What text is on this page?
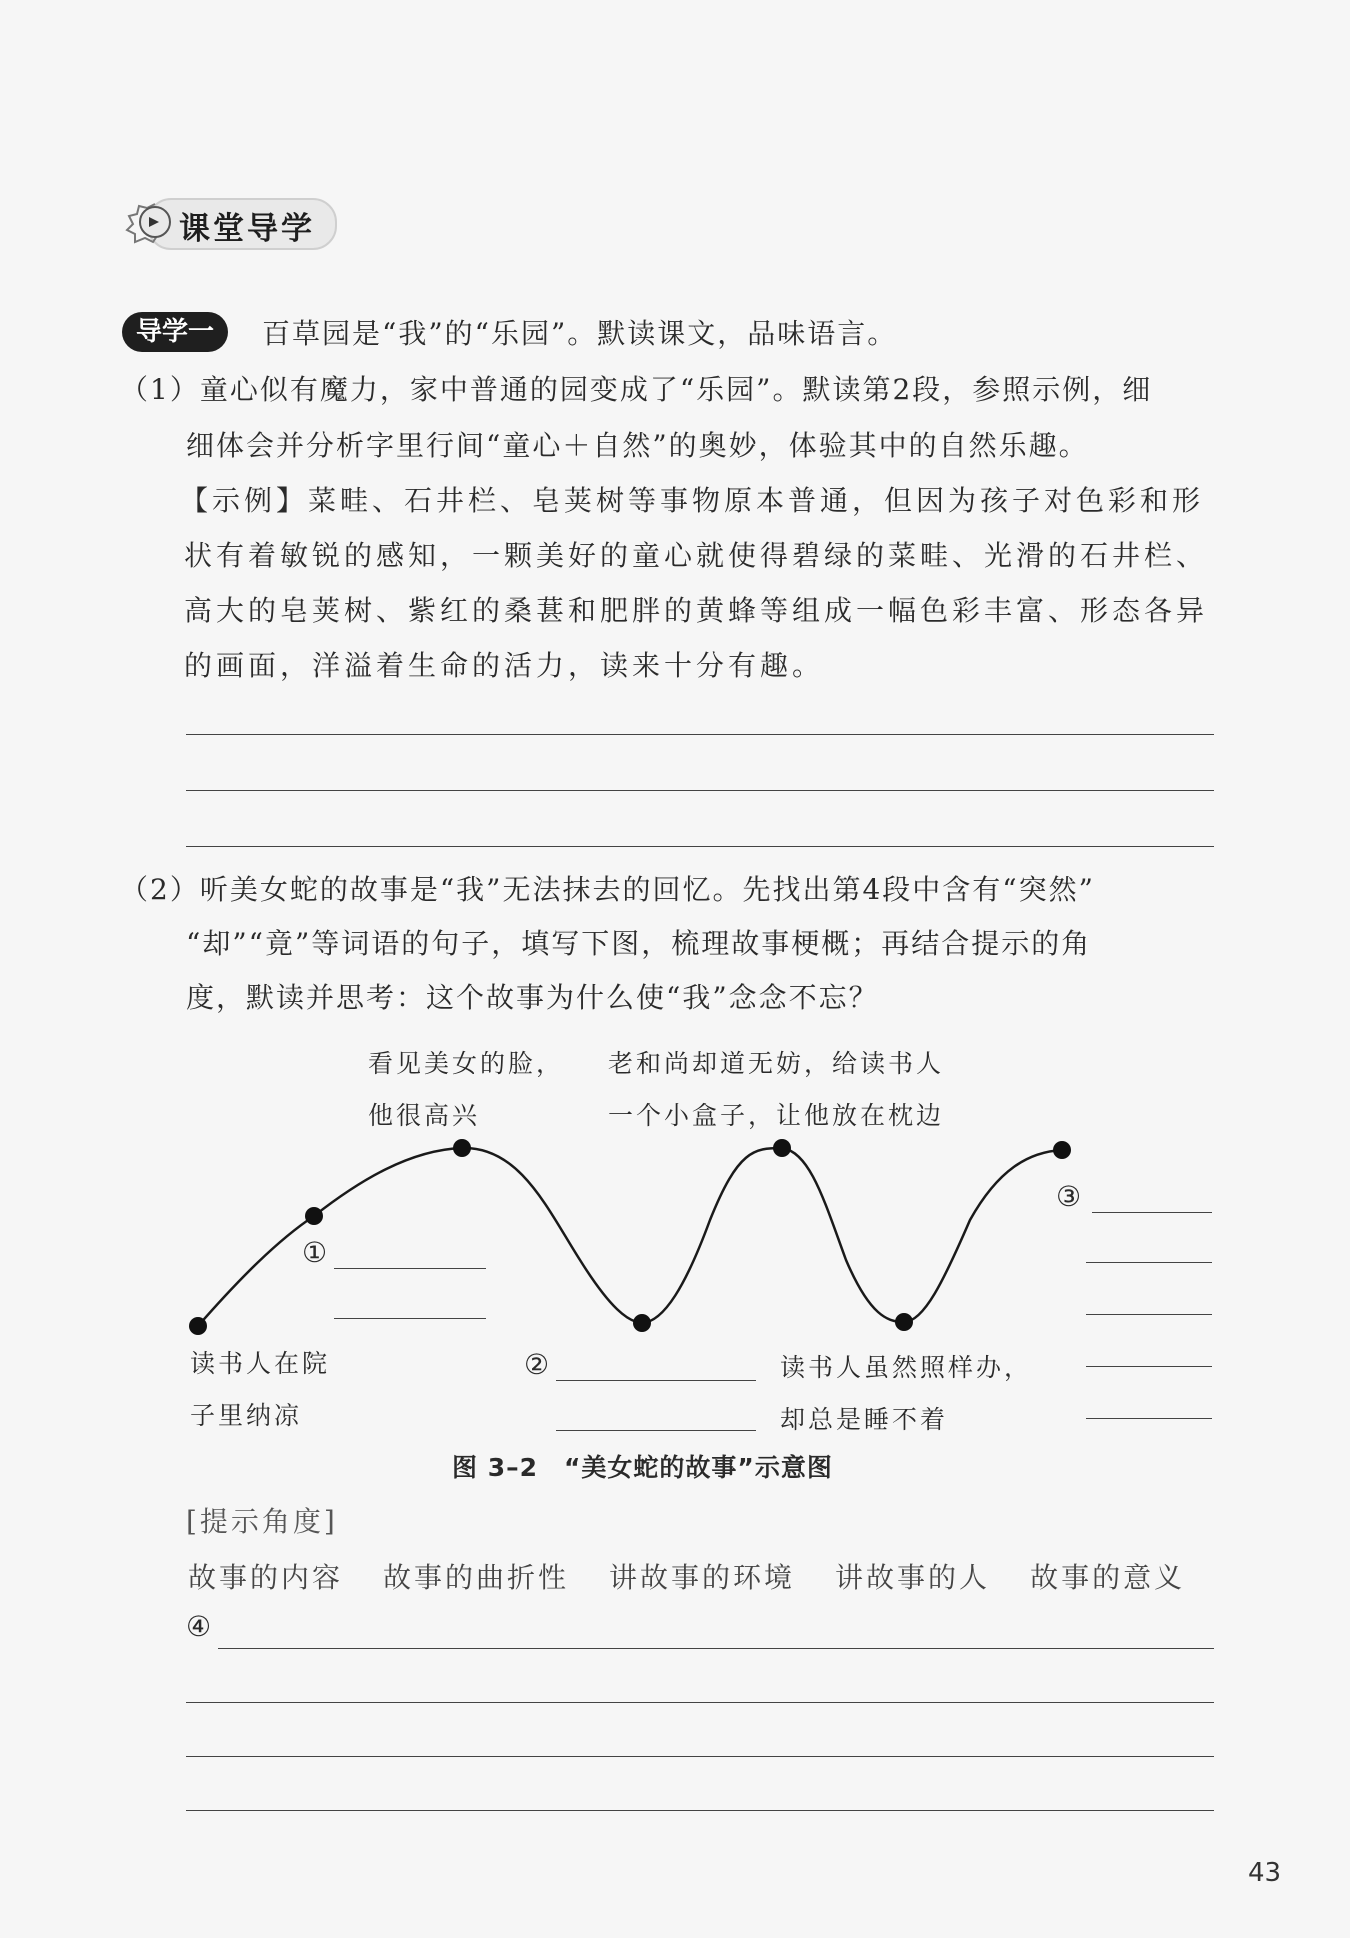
课堂导学
导学一	百草园是“我”的“乐园”。默读课文，品味语言。
（1）童心似有魔力，家中普通的园变成了“乐园”。默读第2段，参照示例，细
细体会并分析字里行间“童心＋自然”的奥妙，体验其中的自然乐趣。
【示例】菜畦、石井栏、皂荚树等事物原本普通，但因为孩子对色彩和形
状有着敏锐的感知，一颗美好的童心就使得碧绿的菜畦、光滑的石井栏、
高大的皂荚树、紫红的桑葚和肥胖的黄蜂等组成一幅色彩丰富、形态各异
的画面，洋溢着生命的活力，读来十分有趣。
（2）听美女蛇的故事是“我”无法抹去的回忆。先找出第4段中含有“突然”
“却”“竟”等词语的句子，填写下图，梳理故事梗概；再结合提示的角
度，默读并思考：这个故事为什么使“我”念念不忘？
看见美女的脸，
他很高兴
老和尚却道无妨，给读书人
一个小盒子，让他放在枕边
读书人在院
子里纳凉
读书人虽然照样办，
却总是睡不着
①
②
③
图 3–2　“美女蛇的故事”示意图
[提示角度]
故事的内容 故事的曲折性 讲故事的环境 讲故事的人 故事的意义
④
43
